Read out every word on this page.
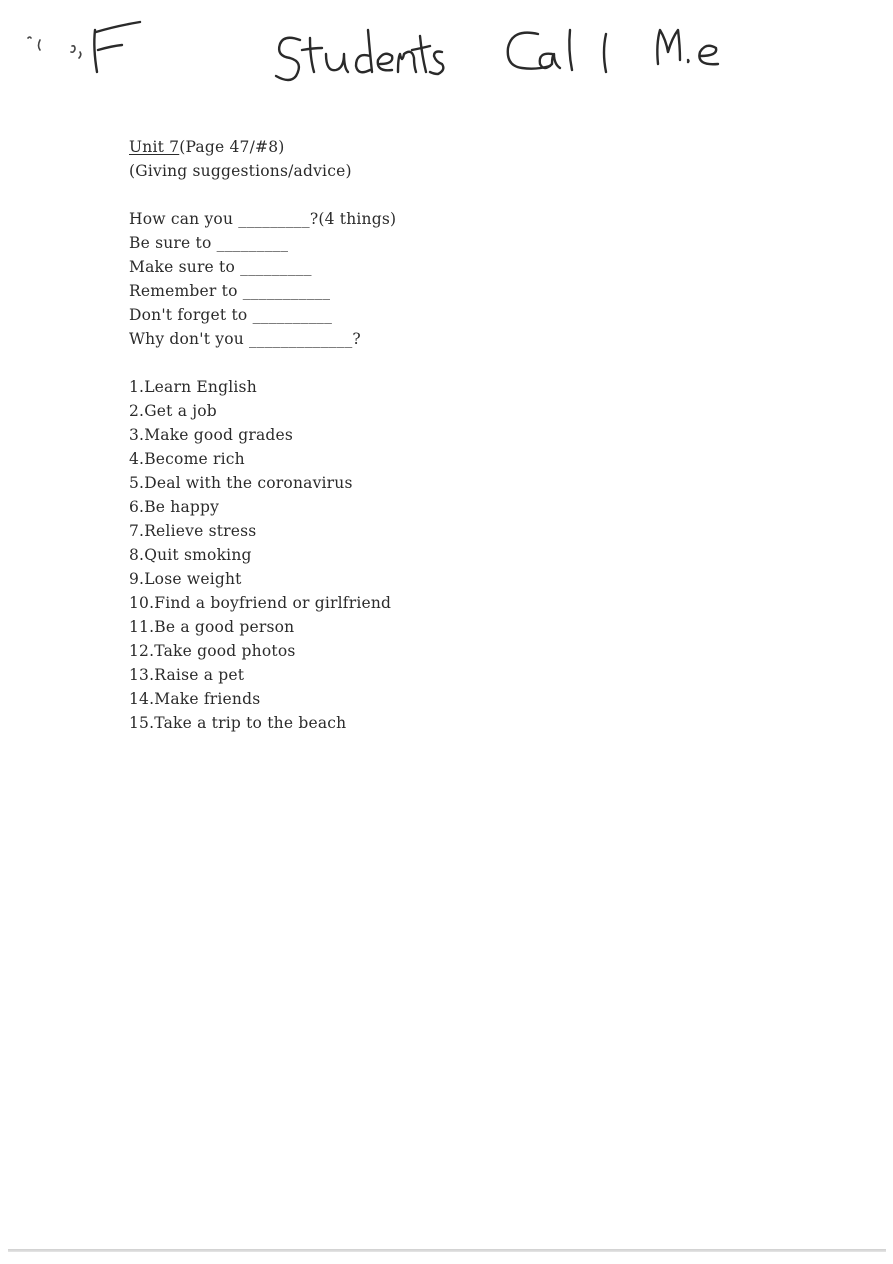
Unit 7(Page 47/#8)
(Giving suggestions/advice)
How can you _________?(4 things)
Be sure to _________
Make sure to _________
Remember to ___________
Don't forget to __________
Why don't you _____________?
1.Learn English
2.Get a job
3.Make good grades
4.Become rich
5.Deal with the coronavirus
6.Be happy
7.Relieve stress
8.Quit smoking
9.Lose weight
10.Find a boyfriend or girlfriend
11.Be a good person
12.Take good photos
13.Raise a pet
14.Make friends
15.Take a trip to the beach
